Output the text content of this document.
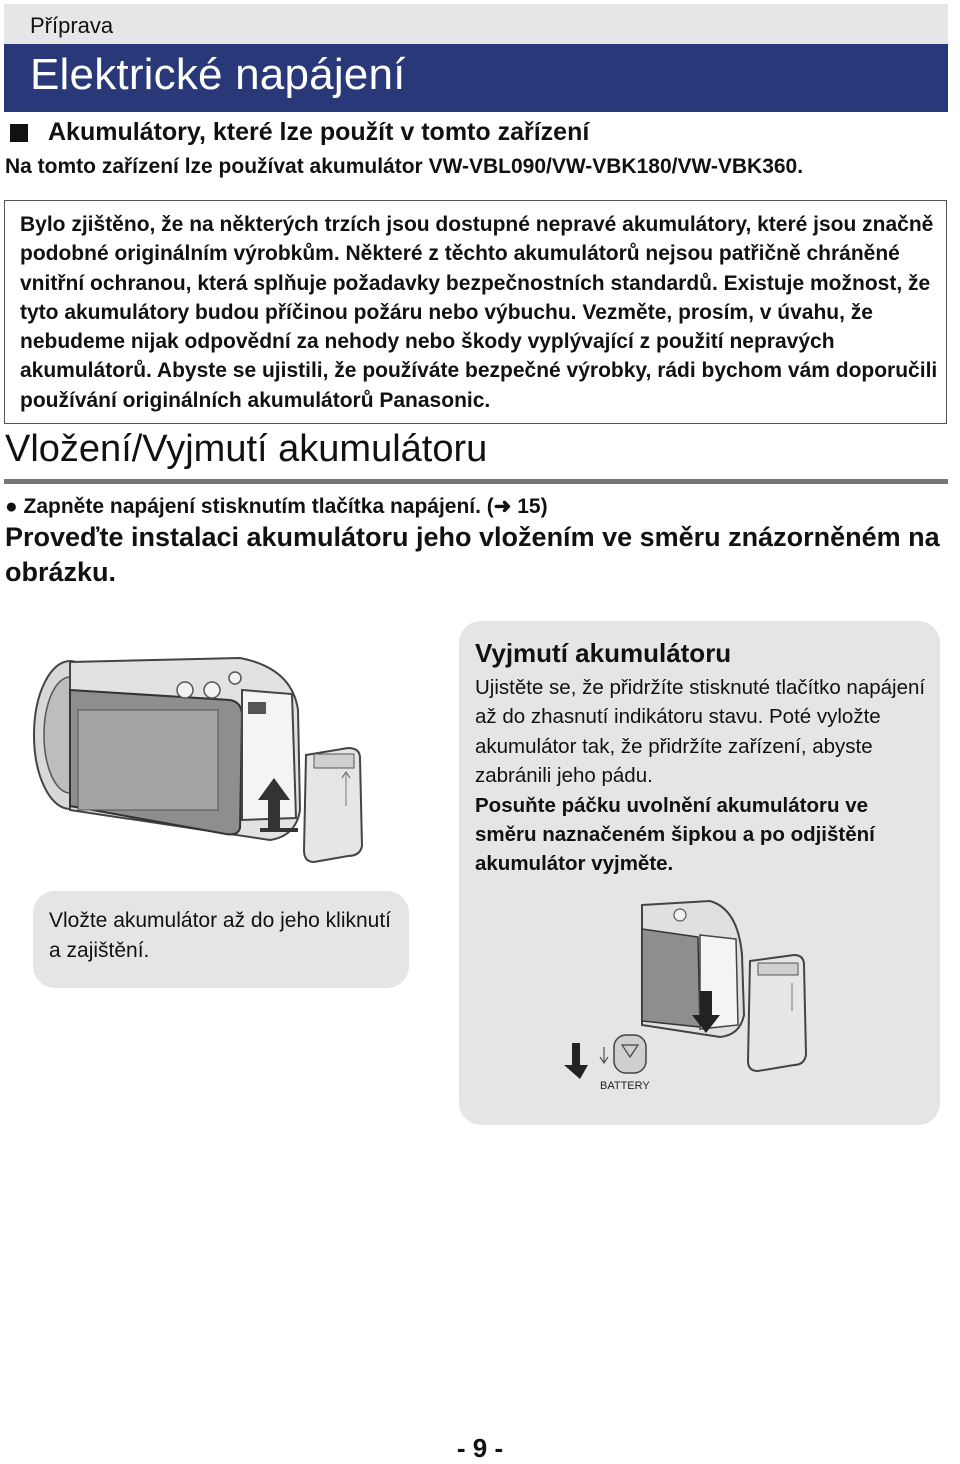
Příprava
Elektrické napájení
Akumulátory, které lze použít v tomto zařízení
Na tomto zařízení lze používat akumulátor VW-VBL090/VW-VBK180/VW-VBK360.
Bylo zjištěno, že na některých trzích jsou dostupné nepravé akumulátory, které jsou značně podobné originálním výrobkům. Některé z těchto akumulátorů nejsou patřičně chráněné vnitřní ochranou, která splňuje požadavky bezpečnostních standardů. Existuje možnost, že tyto akumulátory budou příčinou požáru nebo výbuchu. Vezměte, prosím, v úvahu, že nebudeme nijak odpovědní za nehody nebo škody vyplývající z použití nepravých akumulátorů. Abyste se ujistili, že používáte bezpečné výrobky, rádi bychom vám doporučili používání originálních akumulátorů Panasonic.
Vložení/Vyjmutí akumulátoru
● Zapněte napájení stisknutím tlačítka napájení. (➜ 15)
Proveďte instalaci akumulátoru jeho vložením ve směru znázorněném na obrázku.
Vložte akumulátor až do jeho kliknutí a zajištění.
Vyjmutí akumulátoru
Ujistěte se, že přidržíte stisknuté tlačítko napájení až do zhasnutí indikátoru stavu. Poté vyložte akumulátor tak, že přidržíte zařízení, abyste zabránili jeho pádu.
Posuňte páčku uvolnění akumulátoru ve směru naznačeném šipkou a po odjištění akumulátor vyjměte.
BATTERY
- 9 -
